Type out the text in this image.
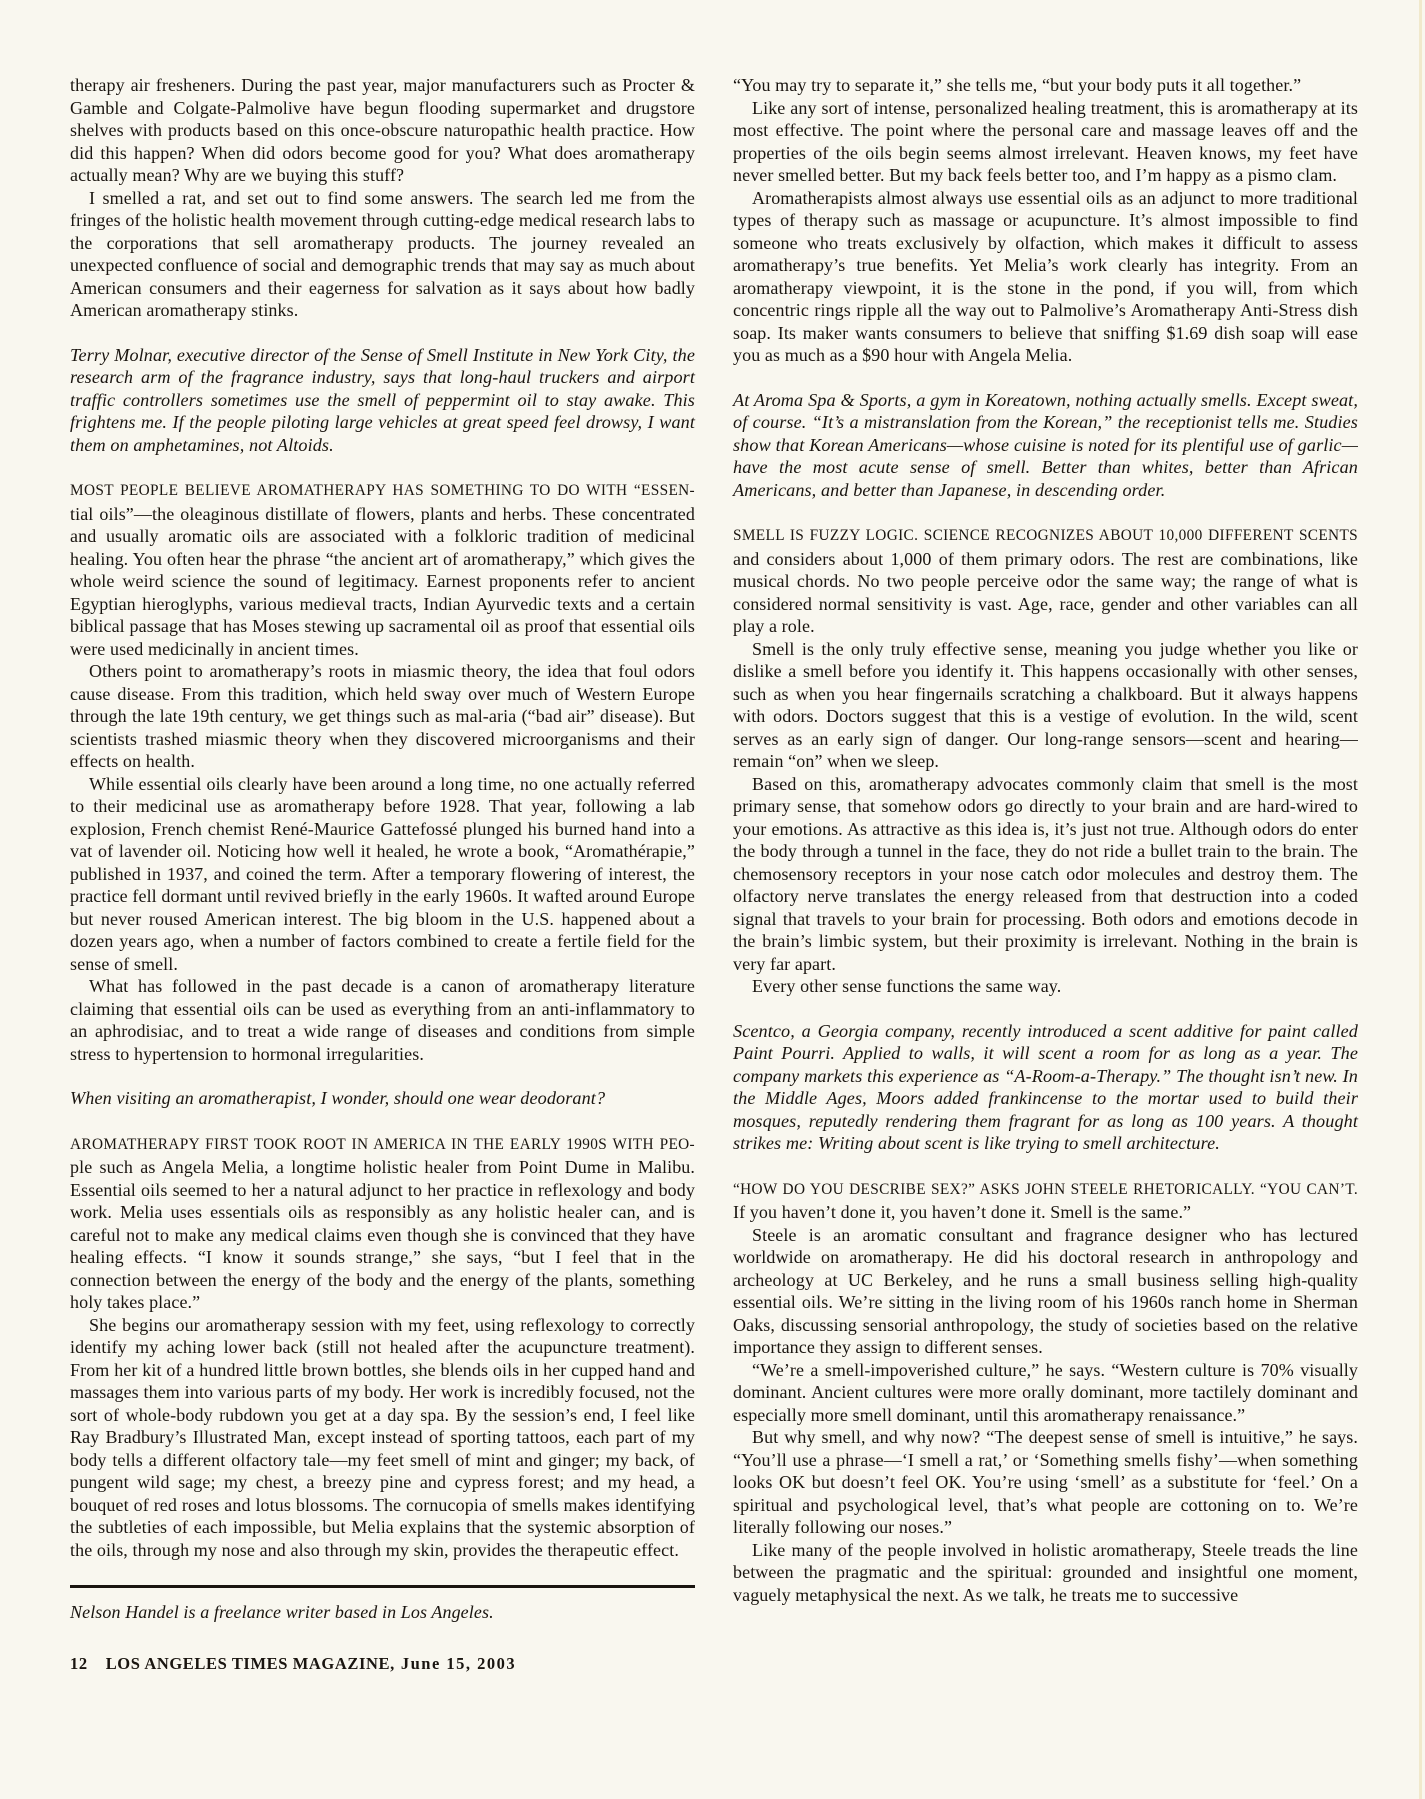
therapy air fresheners. During the past year, major manufacturers such as Procter & Gamble and Colgate-Palmolive have begun flooding supermarket and drugstore shelves with products based on this once-obscure naturopathic health practice. How did this happen? When did odors become good for you? What does aromatherapy actually mean? Why are we buying this stuff?

I smelled a rat, and set out to find some answers. The search led me from the fringes of the holistic health movement through cutting-edge medical research labs to the corporations that sell aromatherapy products. The journey revealed an unexpected confluence of social and demographic trends that may say as much about American consumers and their eagerness for salvation as it says about how badly American aromatherapy stinks.

Terry Molnar, executive director of the Sense of Smell Institute in New York City, the research arm of the fragrance industry, says that long-haul truckers and airport traffic controllers sometimes use the smell of peppermint oil to stay awake. This frightens me. If the people piloting large vehicles at great speed feel drowsy, I want them on amphetamines, not Altoids.

MOST PEOPLE BELIEVE AROMATHERAPY HAS SOMETHING TO DO WITH “ESSEN-tial oils”—the oleaginous distillate of flowers, plants and herbs. These concentrated and usually aromatic oils are associated with a folkloric tradition of medicinal healing. You often hear the phrase “the ancient art of aromatherapy,” which gives the whole weird science the sound of legitimacy. Earnest proponents refer to ancient Egyptian hieroglyphs, various medieval tracts, Indian Ayurvedic texts and a certain biblical passage that has Moses stewing up sacramental oil as proof that essential oils were used medicinally in ancient times.

Others point to aromatherapy’s roots in miasmic theory, the idea that foul odors cause disease. From this tradition, which held sway over much of Western Europe through the late 19th century, we get things such as mal-aria (“bad air” disease). But scientists trashed miasmic theory when they discovered microorganisms and their effects on health.

While essential oils clearly have been around a long time, no one actually referred to their medicinal use as aromatherapy before 1928. That year, following a lab explosion, French chemist René-Maurice Gattefossé plunged his burned hand into a vat of lavender oil. Noticing how well it healed, he wrote a book, “Aromathérapie,” published in 1937, and coined the term. After a temporary flowering of interest, the practice fell dormant until revived briefly in the early 1960s. It wafted around Europe but never roused American interest. The big bloom in the U.S. happened about a dozen years ago, when a number of factors combined to create a fertile field for the sense of smell.

What has followed in the past decade is a canon of aromatherapy literature claiming that essential oils can be used as everything from an anti-inflammatory to an aphrodisiac, and to treat a wide range of diseases and conditions from simple stress to hypertension to hormonal irregularities.

When visiting an aromatherapist, I wonder, should one wear deodorant?

AROMATHERAPY FIRST TOOK ROOT IN AMERICA IN THE EARLY 1990S WITH PEO-ple such as Angela Melia, a longtime holistic healer from Point Dume in Malibu. Essential oils seemed to her a natural adjunct to her practice in reflexology and body work. Melia uses essentials oils as responsibly as any holistic healer can, and is careful not to make any medical claims even though she is convinced that they have healing effects. “I know it sounds strange,” she says, “but I feel that in the connection between the energy of the body and the energy of the plants, something holy takes place.”

She begins our aromatherapy session with my feet, using reflexology to correctly identify my aching lower back (still not healed after the acupuncture treatment). From her kit of a hundred little brown bottles, she blends oils in her cupped hand and massages them into various parts of my body. Her work is incredibly focused, not the sort of whole-body rubdown you get at a day spa. By the session’s end, I feel like Ray Bradbury’s Illustrated Man, except instead of sporting tattoos, each part of my body tells a different olfactory tale—my feet smell of mint and ginger; my back, of pungent wild sage; my chest, a breezy pine and cypress forest; and my head, a bouquet of red roses and lotus blossoms. The cornucopia of smells makes identifying the subtleties of each impossible, but Melia explains that the systemic absorption of the oils, through my nose and also through my skin, provides the therapeutic effect.

Nelson Handel is a freelance writer based in Los Angeles.

12 LOS ANGELES TIMES MAGAZINE, June 15, 2003

“You may try to separate it,” she tells me, “but your body puts it all together.”

Like any sort of intense, personalized healing treatment, this is aromatherapy at its most effective. The point where the personal care and massage leaves off and the properties of the oils begin seems almost irrelevant. Heaven knows, my feet have never smelled better. But my back feels better too, and I’m happy as a pismo clam.

Aromatherapists almost always use essential oils as an adjunct to more traditional types of therapy such as massage or acupuncture. It’s almost impossible to find someone who treats exclusively by olfaction, which makes it difficult to assess aromatherapy’s true benefits. Yet Melia’s work clearly has integrity. From an aromatherapy viewpoint, it is the stone in the pond, if you will, from which concentric rings ripple all the way out to Palmolive’s Aromatherapy Anti-Stress dish soap. Its maker wants consumers to believe that sniffing $1.69 dish soap will ease you as much as a $90 hour with Angela Melia.

At Aroma Spa & Sports, a gym in Koreatown, nothing actually smells. Except sweat, of course. “It’s a mistranslation from the Korean,” the receptionist tells me. Studies show that Korean Americans—whose cuisine is noted for its plentiful use of garlic—have the most acute sense of smell. Better than whites, better than African Americans, and better than Japanese, in descending order.

SMELL IS FUZZY LOGIC. SCIENCE RECOGNIZES ABOUT 10,000 DIFFERENT SCENTS and considers about 1,000 of them primary odors. The rest are combinations, like musical chords. No two people perceive odor the same way; the range of what is considered normal sensitivity is vast. Age, race, gender and other variables can all play a role.

Smell is the only truly effective sense, meaning you judge whether you like or dislike a smell before you identify it. This happens occasionally with other senses, such as when you hear fingernails scratching a chalkboard. But it always happens with odors. Doctors suggest that this is a vestige of evolution. In the wild, scent serves as an early sign of danger. Our long-range sensors—scent and hearing—remain “on” when we sleep.

Based on this, aromatherapy advocates commonly claim that smell is the most primary sense, that somehow odors go directly to your brain and are hard-wired to your emotions. As attractive as this idea is, it’s just not true. Although odors do enter the body through a tunnel in the face, they do not ride a bullet train to the brain. The chemosensory receptors in your nose catch odor molecules and destroy them. The olfactory nerve translates the energy released from that destruction into a coded signal that travels to your brain for processing. Both odors and emotions decode in the brain’s limbic system, but their proximity is irrelevant. Nothing in the brain is very far apart.

Every other sense functions the same way.

Scentco, a Georgia company, recently introduced a scent additive for paint called Paint Pourri. Applied to walls, it will scent a room for as long as a year. The company markets this experience as “A-Room-a-Therapy.” The thought isn’t new. In the Middle Ages, Moors added frankincense to the mortar used to build their mosques, reputedly rendering them fragrant for as long as 100 years. A thought strikes me: Writing about scent is like trying to smell architecture.

“HOW DO YOU DESCRIBE SEX?” ASKS JOHN STEELE RHETORICALLY. “YOU CAN’T. If you haven’t done it, you haven’t done it. Smell is the same.”

Steele is an aromatic consultant and fragrance designer who has lectured worldwide on aromatherapy. He did his doctoral research in anthropology and archeology at UC Berkeley, and he runs a small business selling high-quality essential oils. We’re sitting in the living room of his 1960s ranch home in Sherman Oaks, discussing sensorial anthropology, the study of societies based on the relative importance they assign to different senses.

“We’re a smell-impoverished culture,” he says. “Western culture is 70% visually dominant. Ancient cultures were more orally dominant, more tactilely dominant and especially more smell dominant, until this aromatherapy renaissance.”

But why smell, and why now? “The deepest sense of smell is intuitive,” he says. “You’ll use a phrase—‘I smell a rat,’ or ‘Something smells fishy’—when something looks OK but doesn’t feel OK. You’re using ‘smell’ as a substitute for ‘feel.’ On a spiritual and psychological level, that’s what people are cottoning on to. We’re literally following our noses.”

Like many of the people involved in holistic aromatherapy, Steele treads the line between the pragmatic and the spiritual: grounded and insightful one moment, vaguely metaphysical the next. As we talk, he treats me to successive
